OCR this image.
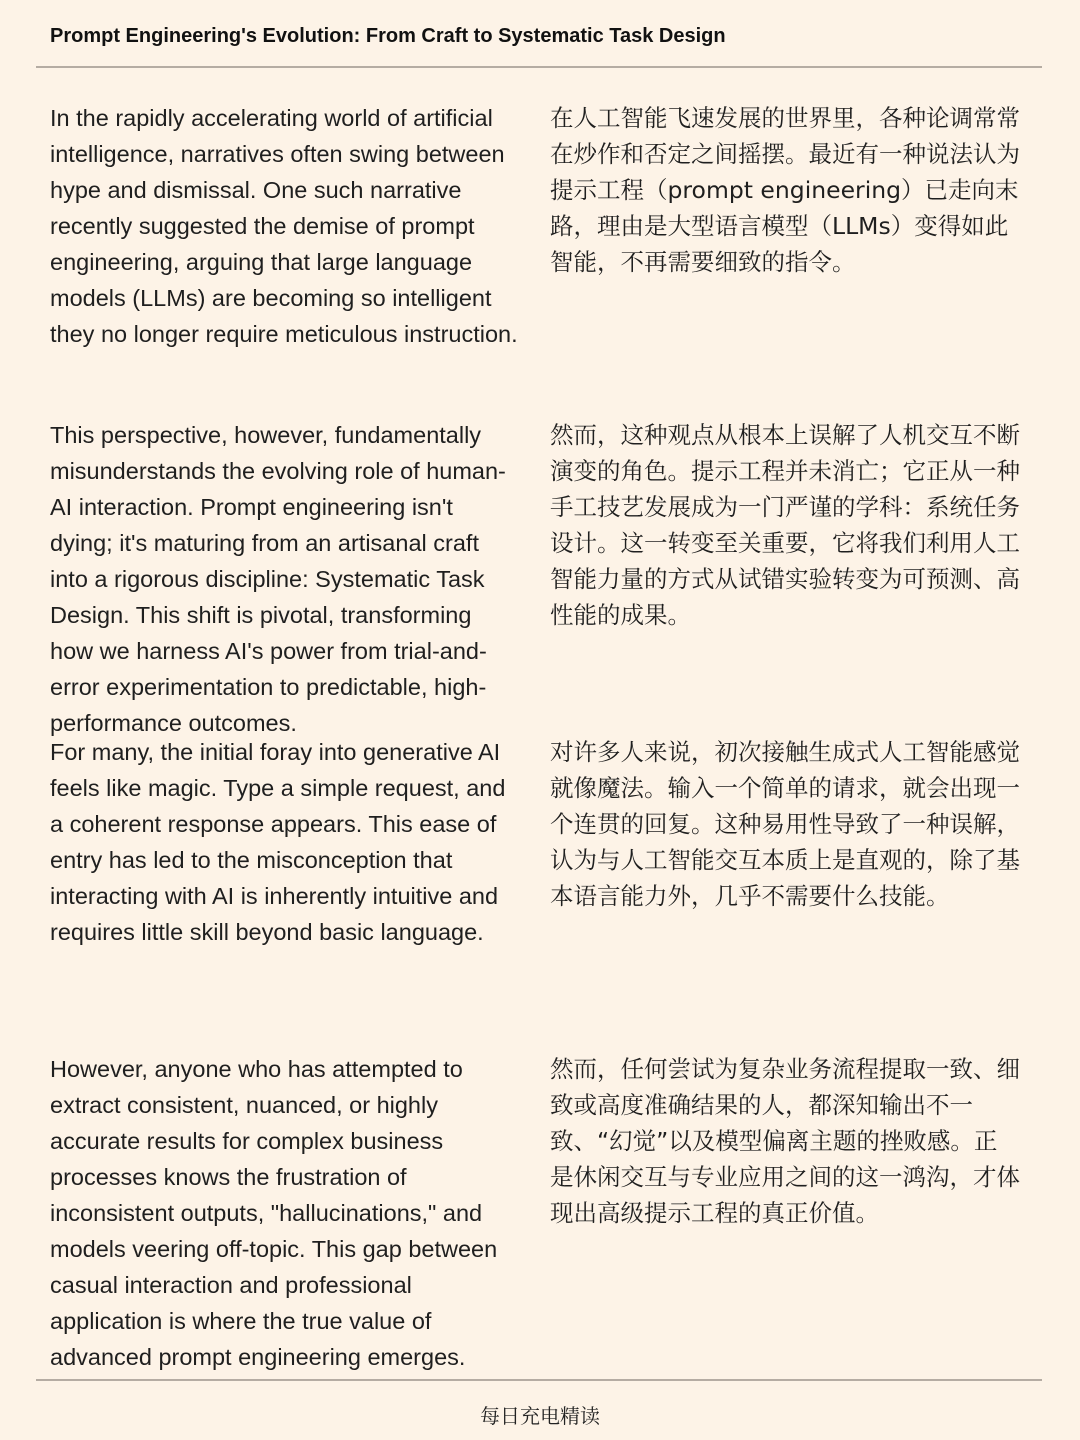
Prompt Engineering's Evolution: From Craft to Systematic Task Design

In the rapidly accelerating world of artificial intelligence, narratives often swing between hype and dismissal. One such narrative recently suggested the demise of prompt engineering, arguing that large language models (LLMs) are becoming so intelligent they no longer require meticulous instruction.

在人工智能飞速发展的世界里，各种论调常常在炒作和否定之间摇摆。最近有一种说法认为提示工程（prompt engineering）已走向末路，理由是大型语言模型（LLMs）变得如此智能，不再需要细致的指令。

This perspective, however, fundamentally misunderstands the evolving role of human-AI interaction. Prompt engineering isn't dying; it's maturing from an artisanal craft into a rigorous discipline: Systematic Task Design. This shift is pivotal, transforming how we harness AI's power from trial-and-error experimentation to predictable, high-performance outcomes.

然而，这种观点从根本上误解了人机交互不断演变的角色。提示工程并未消亡；它正从一种手工技艺发展成为一门严谨的学科：系统任务设计。这一转变至关重要，它将我们利用人工智能力量的方式从试错实验转变为可预测、高性能的成果。

For many, the initial foray into generative AI feels like magic. Type a simple request, and a coherent response appears. This ease of entry has led to the misconception that interacting with AI is inherently intuitive and requires little skill beyond basic language.

对许多人来说，初次接触生成式人工智能感觉就像魔法。输入一个简单的请求，就会出现一个连贯的回复。这种易用性导致了一种误解，认为与人工智能交互本质上是直观的，除了基本语言能力外，几乎不需要什么技能。

However, anyone who has attempted to extract consistent, nuanced, or highly accurate results for complex business processes knows the frustration of inconsistent outputs, "hallucinations," and models veering off-topic. This gap between casual interaction and professional application is where the true value of advanced prompt engineering emerges.

然而，任何尝试为复杂业务流程提取一致、细致或高度准确结果的人，都深知输出不一致、“幻觉”以及模型偏离主题的挫败感。正是休闲交互与专业应用之间的这一鸿沟，才体现出高级提示工程的真正价值。

每日充电精读
